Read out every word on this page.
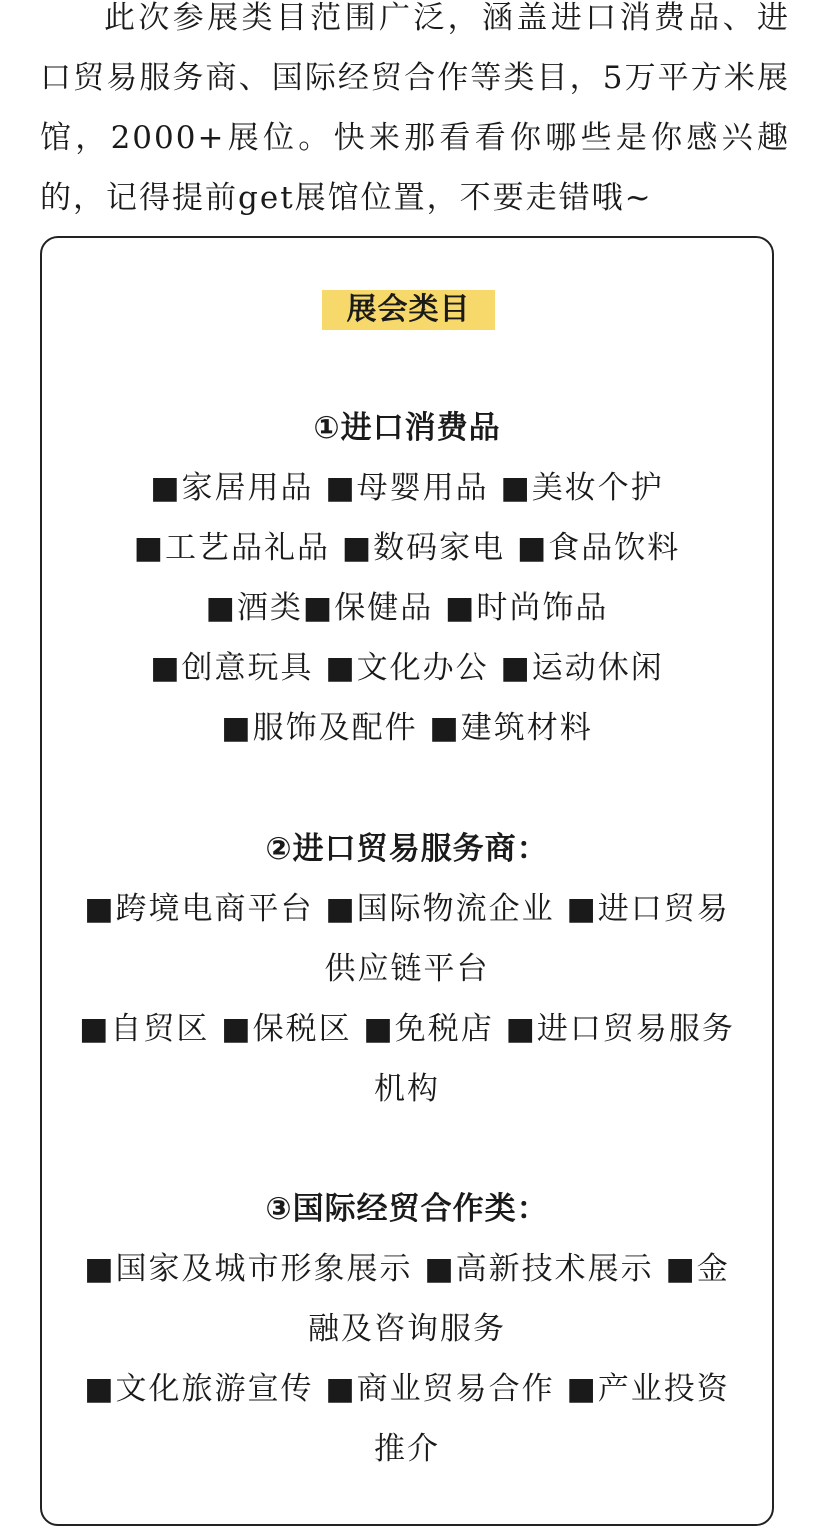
此次参展类目范围广泛，涵盖进口消费品、进口贸易服务商、国际经贸合作等类目，5万平方米展馆，2000+展位。快来那看看你哪些是你感兴趣的，记得提前get展馆位置，不要走错哦~

展会类目
①进口消费品
■家居用品 ■母婴用品 ■美妆个护
■工艺品礼品 ■数码家电 ■食品饮料
■酒类■保健品 ■时尚饰品
■创意玩具 ■文化办公 ■运动休闲
■服饰及配件 ■建筑材料
②进口贸易服务商：
■跨境电商平台 ■国际物流企业 ■进口贸易
供应链平台
■自贸区 ■保税区 ■免税店 ■进口贸易服务
机构
③国际经贸合作类：
■国家及城市形象展示 ■高新技术展示 ■金
融及咨询服务
■文化旅游宣传 ■商业贸易合作 ■产业投资
推介
